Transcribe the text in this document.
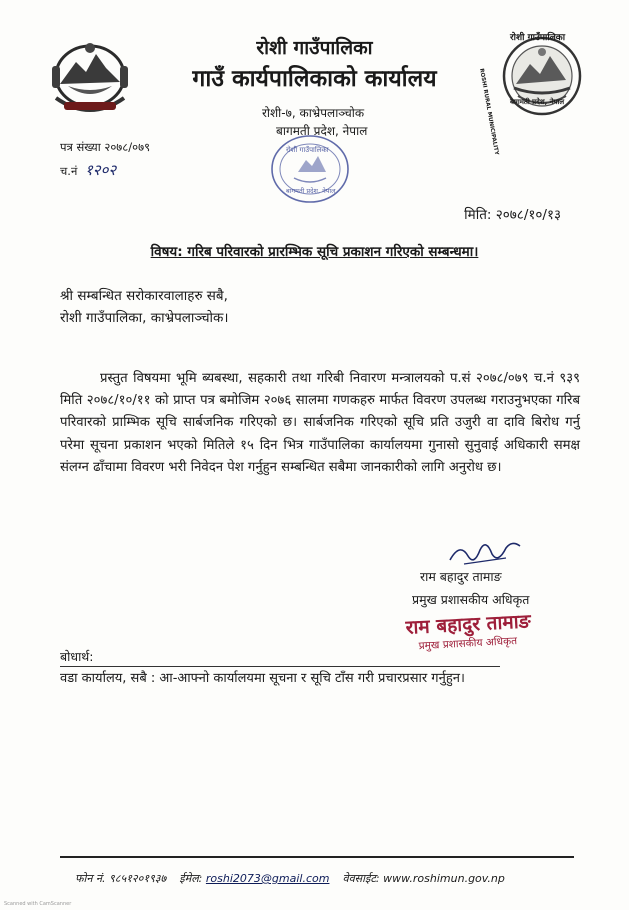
रोशी गाउँपालिका
ROSHI RURAL MUNICIPALITY बागमती प्रदेश, नेपाल
रोशी गाउँपालिका
गाउँ कार्यपालिकाको कार्यालय
रोशी-७, काभ्रेपलाञ्चोक
बागमती प्रदेश, नेपाल
पत्र संख्या २०७८/०७९
च.नं १२०२
रोशी गाउँपालिका
बागमती प्रदेश, नेपाल
मिति: २०७८/१०/१३
विषय: गरिब परिवारको प्रारम्भिक सूचि प्रकाशन गरिएको सम्बन्धमा।
श्री सम्बन्धित सरोकारवालाहरु सबै,
रोशी गाउँपालिका, काभ्रेपलाञ्चोक।
प्रस्तुत विषयमा भूमि ब्यबस्था, सहकारी तथा गरिबी निवारण मन्त्रालयको प.सं २०७८/०७९ च.नं ९३९ मिति २०७८/१०/११ को प्राप्त पत्र बमोजिम २०७६ सालमा गणकहरु मार्फत विवरण उपलब्ध गराउनुभएका गरिब परिवारको प्राम्भिक सूचि सार्बजनिक गरिएको छ। सार्बजनिक गरिएको सूचि प्रति उजुरी वा दावि बिरोध गर्नु परेमा सूचना प्रकाशन भएको मितिले १५ दिन भित्र गाउँपालिका कार्यालयमा गुनासो सुनुवाई अधिकारी समक्ष संलग्न ढाँचामा विवरण भरी निवेदन पेश गर्नुहुन सम्बन्धित सबैमा जानकारीको लागि अनुरोध छ।
राम बहादुर तामाङ
प्रमुख प्रशासकीय अधिकृत
राम बहादुर तामाङ
प्रमुख प्रशासकीय अधिकृत
बोधार्थ:
वडा कार्यालय, सबै : आ-आफ्नो कार्यालयमा सूचना र सूचि टाँस गरी प्रचारप्रसार गर्नुहुन।
फोन नं. ९८५१२०१९३७ ईमेल: roshi2073@gmail.com वेवसाईट: www.roshimun.gov.np
Scanned with CamScanner
